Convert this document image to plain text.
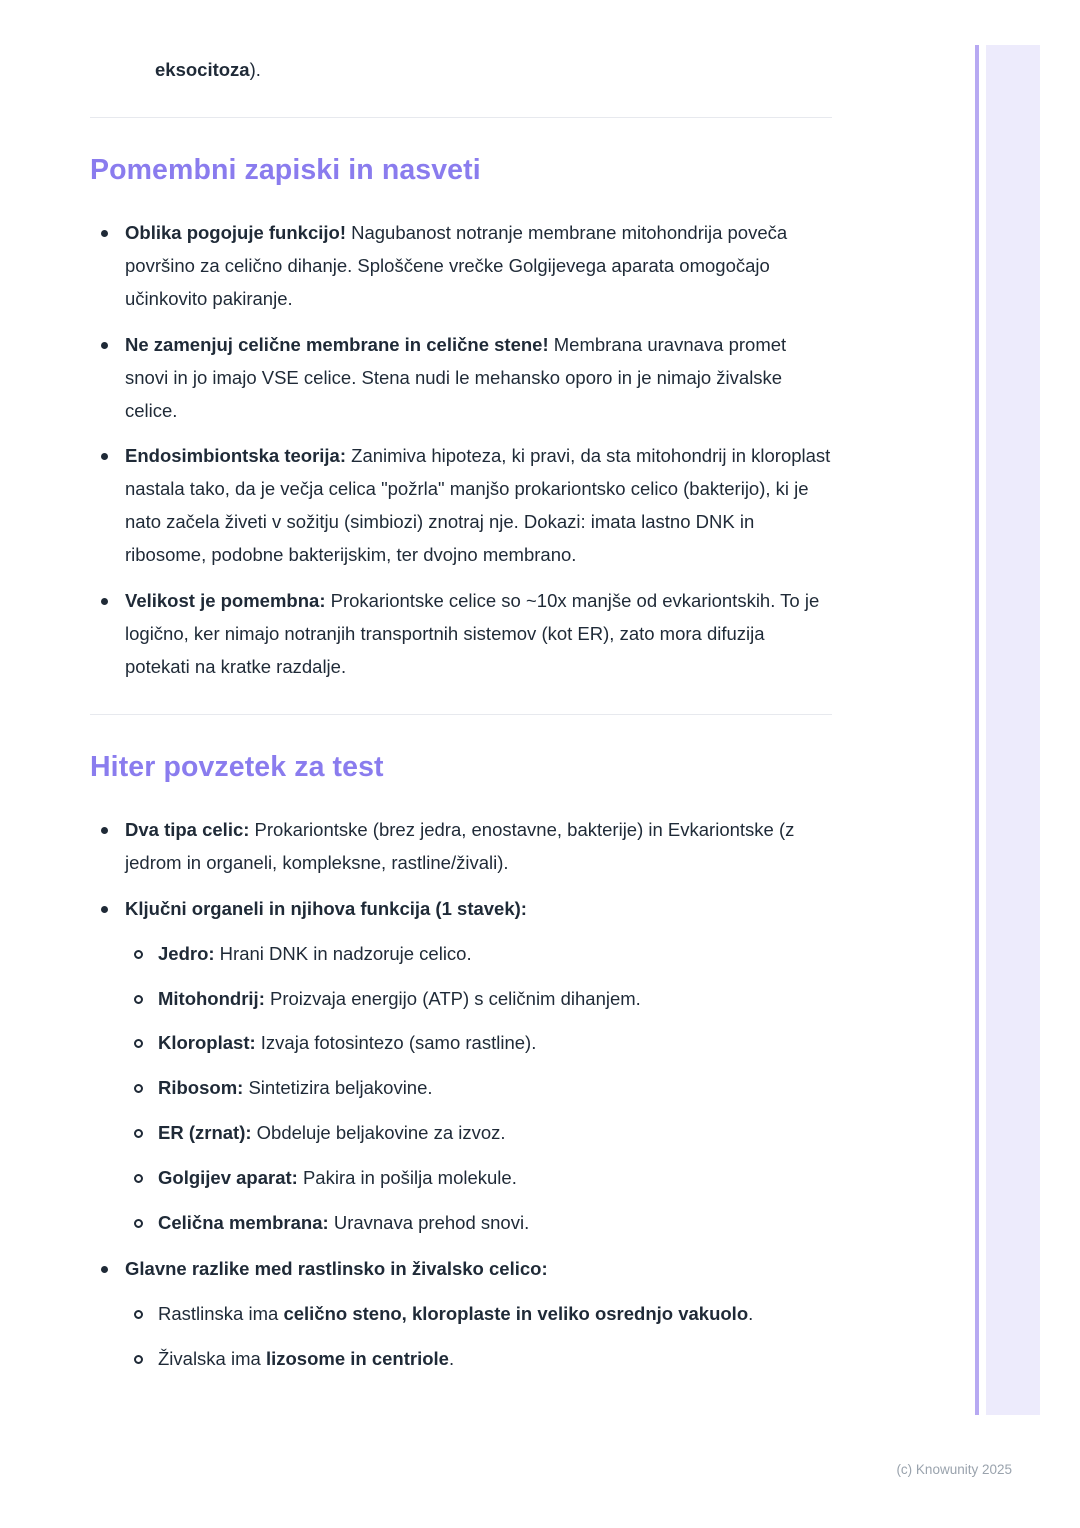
eksocitoza).
Pomembni zapiski in nasveti
Oblika pogojuje funkcijo! Nagubanost notranje membrane mitohondrija poveča površino za celično dihanje. Sploščene vrečke Golgijevega aparata omogočajo učinkovito pakiranje.
Ne zamenjuj celične membrane in celične stene! Membrana uravnava promet snovi in jo imajo VSE celice. Stena nudi le mehansko oporo in je nimajo živalske celice.
Endosimbiontska teorija: Zanimiva hipoteza, ki pravi, da sta mitohondrij in kloroplast nastala tako, da je večja celica "požrla" manjšo prokariontsko celico (bakterijo), ki je nato začela živeti v sožitju (simbiozi) znotraj nje. Dokazi: imata lastno DNK in ribosome, podobne bakterijskim, ter dvojno membrano.
Velikost je pomembna: Prokariontske celice so ~10x manjše od evkariontskih. To je logično, ker nimajo notranjih transportnih sistemov (kot ER), zato mora difuzija potekati na kratke razdalje.
Hiter povzetek za test
Dva tipa celic: Prokariontske (brez jedra, enostavne, bakterije) in Evkariontske (z jedrom in organeli, kompleksne, rastline/živali).
Ključni organeli in njihova funkcija (1 stavek):
Jedro: Hrani DNK in nadzoruje celico.
Mitohondrij: Proizvaja energijo (ATP) s celičnim dihanjem.
Kloroplast: Izvaja fotosintezo (samo rastline).
Ribosom: Sintetizira beljakovine.
ER (zrnat): Obdeluje beljakovine za izvoz.
Golgijev aparat: Pakira in pošilja molekule.
Celična membrana: Uravnava prehod snovi.
Glavne razlike med rastlinsko in živalsko celico:
Rastlinska ima celično steno, kloroplaste in veliko osrednjo vakuolo.
Živalska ima lizosome in centriole.
(c) Knowunity 2025
